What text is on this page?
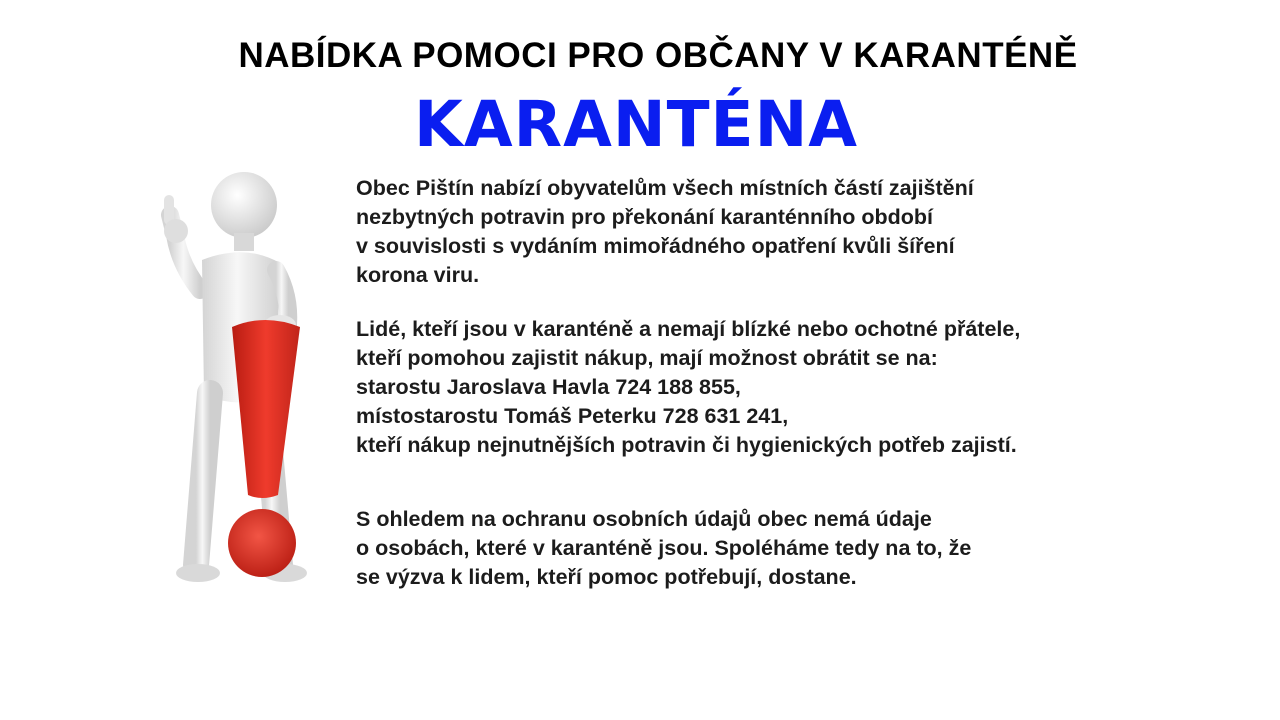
NABÍDKA POMOCI PRO OBČANY V KARANTÉNĚ
KARANTÉNA
Obec Pištín nabízí obyvatelům všech místních částí zajištění
nezbytných potravin pro překonání karanténního období
v souvislosti s vydáním mimořádného opatření kvůli šíření
korona viru.
Lidé, kteří jsou v karanténě a nemají blízké nebo ochotné přátele,
kteří pomohou zajistit nákup, mají možnost obrátit se na:
starostu Jaroslava Havla 724 188 855,
místostarostu Tomáš Peterku 728 631 241,
kteří nákup nejnutnějších potravin či hygienických potřeb zajistí.
S ohledem na ochranu osobních údajů obec nemá údaje
o osobách, které v karanténě jsou. Spoléháme tedy na to, že
se výzva k lidem, kteří pomoc potřebují, dostane.
